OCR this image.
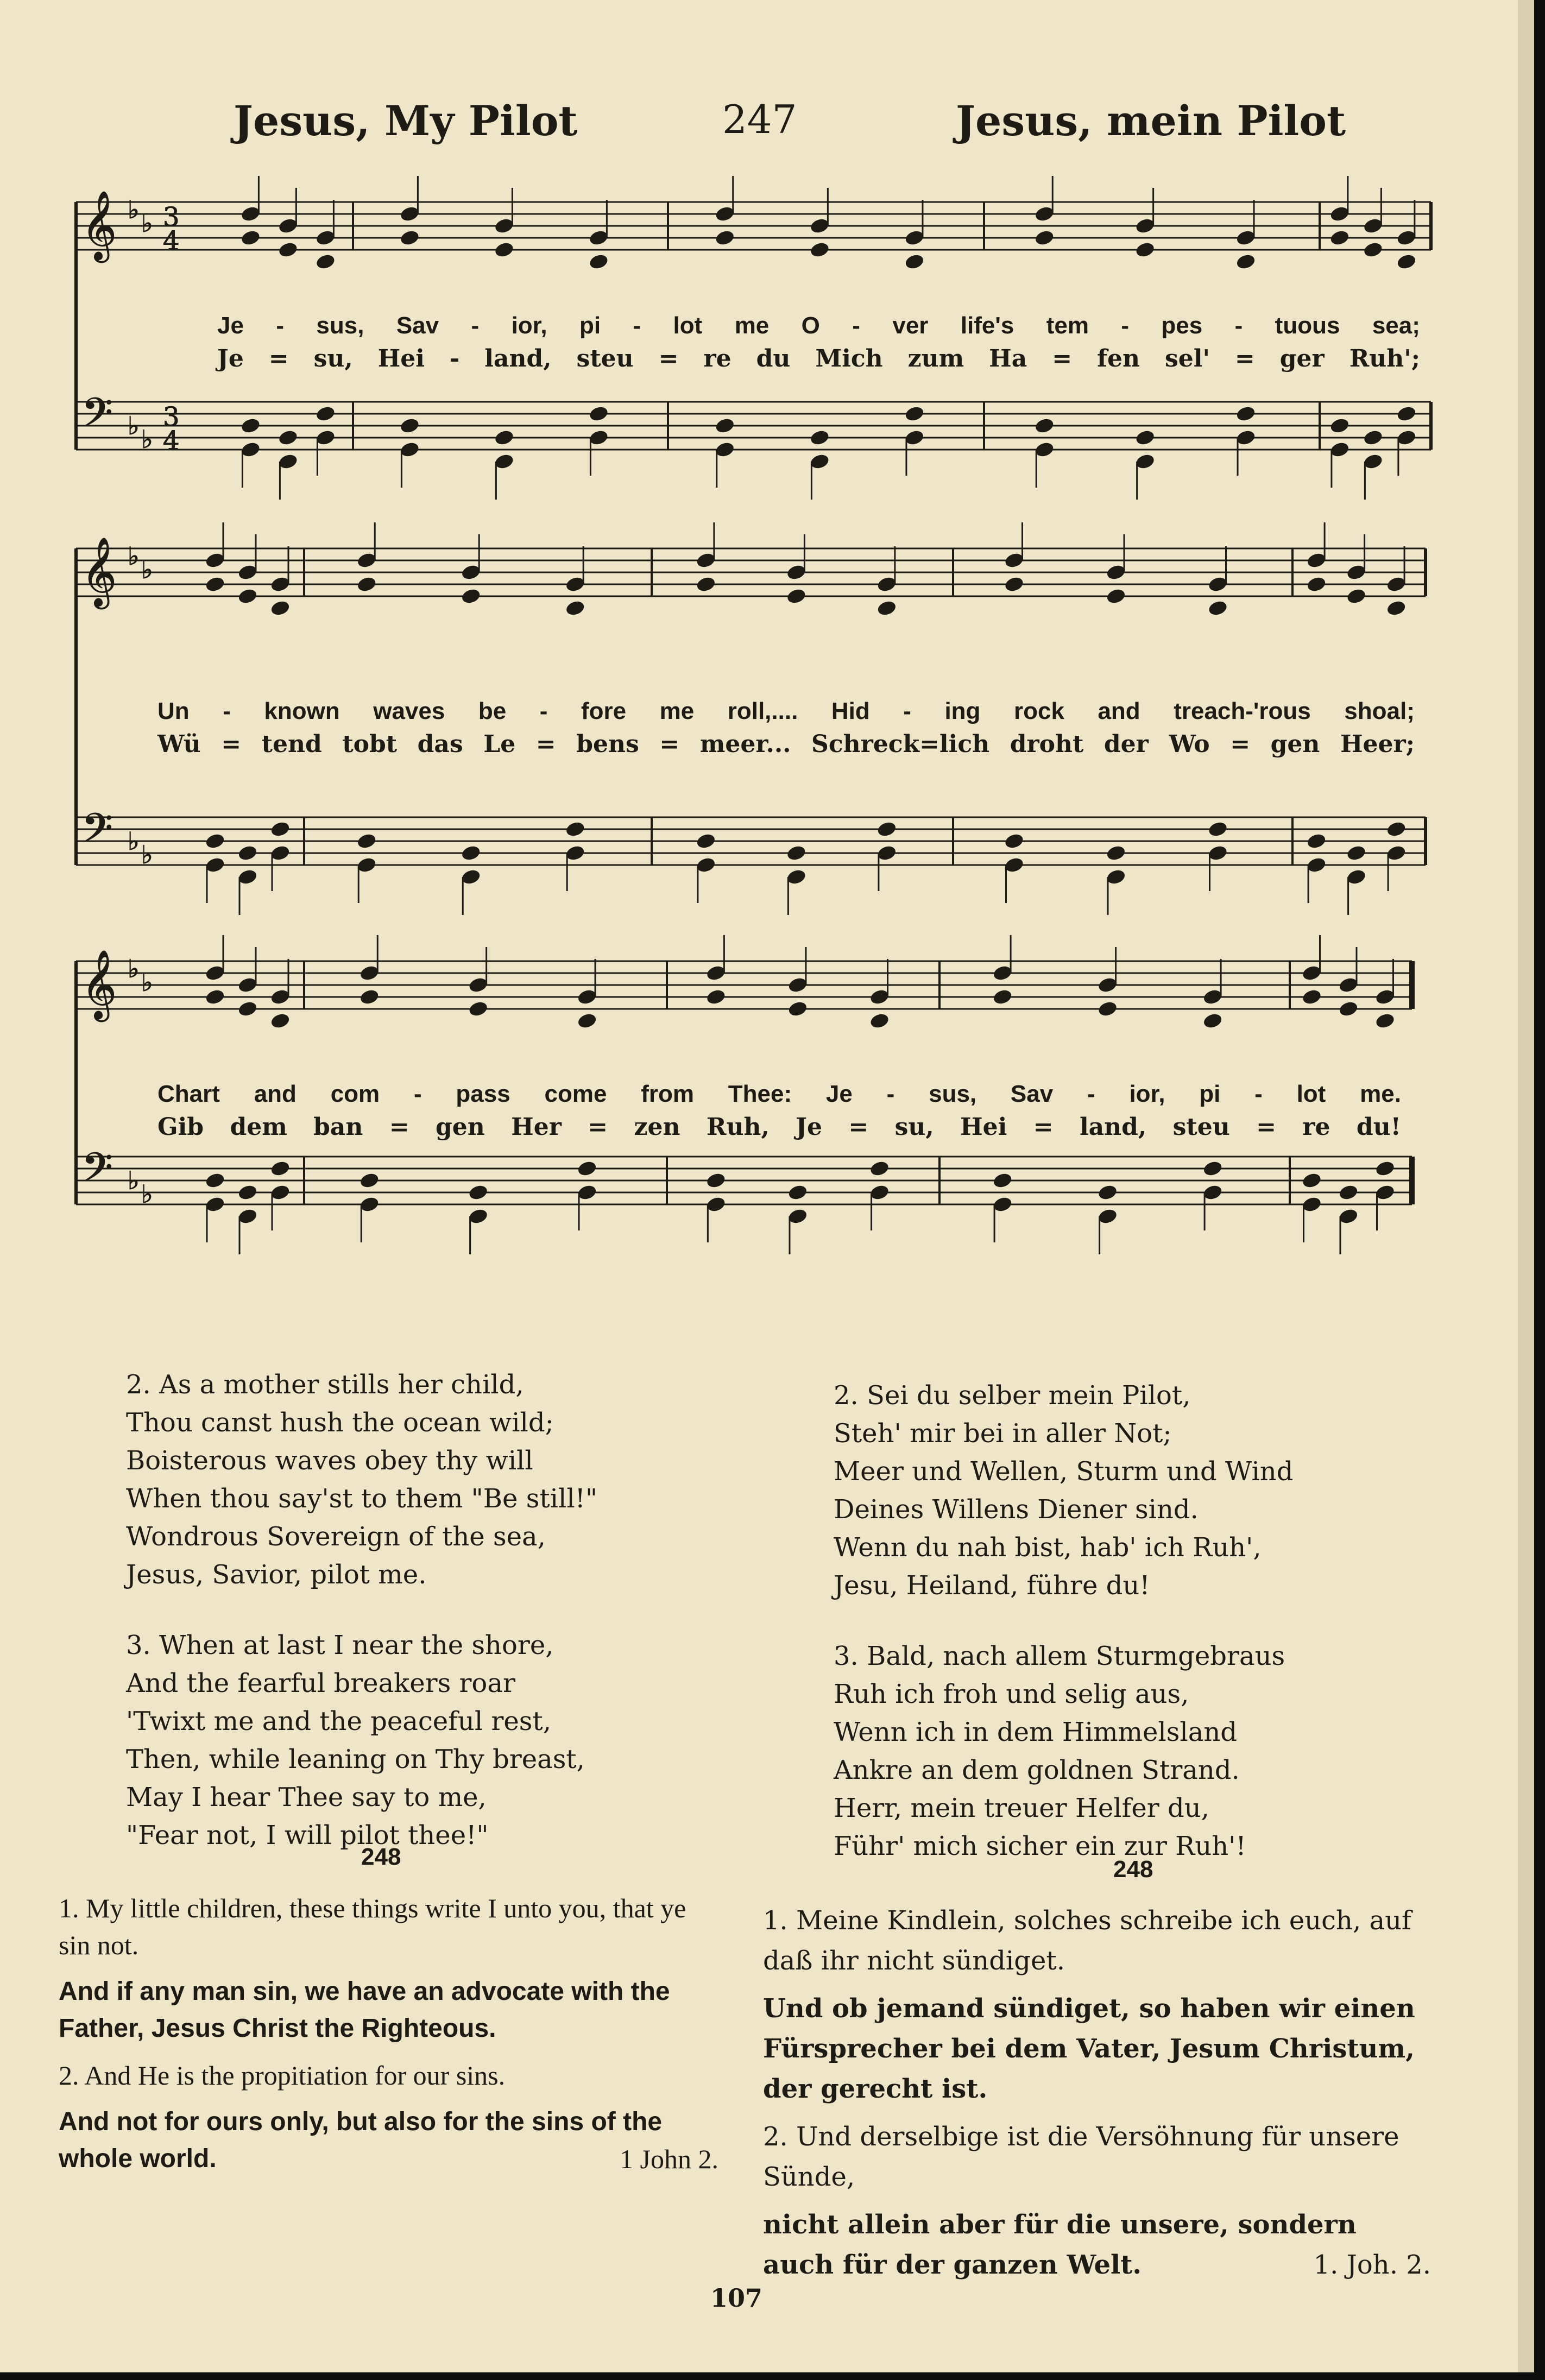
Jesus, My Pilot	247	Jesus, mein Pilot
𝄞
𝄢
♭ ♭
♭ ♭
3
4
3
4
𝄞
𝄢
♭ ♭
♭ ♭
𝄞
𝄢
♭ ♭
♭ ♭
Je - sus, Sav - ior, pi - lot me O - ver life's tem - pes - tuous sea;
Je = su, Hei - land, steu = re du Mich zum Ha = fen sel' = ger Ruh';
Un - known waves be - fore me roll,.... Hid - ing rock and treach-'rous shoal;
Wü = tend tobt das Le = bens = meer... Schreck=lich droht der Wo = gen Heer;
Chart and com - pass come from Thee: Je - sus, Sav - ior, pi - lot me.
Gib dem ban = gen Her = zen Ruh, Je = su, Hei = land, steu = re du!

2. As a mother stills her child,
Thou canst hush the ocean wild;
Boisterous waves obey thy will
When thou say'st to them "Be still!"
Wondrous Sovereign of the sea,
Jesus, Savior, pilot me.

3. When at last I near the shore,
And the fearful breakers roar
'Twixt me and the peaceful rest,
Then, while leaning on Thy breast,
May I hear Thee say to me,
"Fear not, I will pilot thee!"

2. Sei du selber mein Pilot,
Steh' mir bei in aller Not;
Meer und Wellen, Sturm und Wind
Deines Willens Diener sind.
Wenn du nah bist, hab' ich Ruh',
Jesu, Heiland, führe du!

3. Bald, nach allem Sturmgebraus
Ruh ich froh und selig aus,
Wenn ich in dem Himmelsland
Ankre an dem goldnen Strand.
Herr, mein treuer Helfer du,
Führ' mich sicher ein zur Ruh'!

248
1. My little children, these things write I unto you, that ye sin not.
And if any man sin, we have an advocate with the Father, Jesus Christ the Righteous.
2. And He is the propitiation for our sins.
And not for ours only, but also for the sins of the whole world.	1 John 2.
248
1. Meine Kindlein, solches schreibe ich euch, auf daß ihr nicht sündiget.
Und ob jemand sündiget, so haben wir einen Fürsprecher bei dem Vater, Jesum Christum, der gerecht ist.
2. Und derselbige ist die Versöhnung für unsere Sünde,
nicht allein aber für die unsere, sondern auch für der ganzen Welt.	1. Joh. 2.
107
